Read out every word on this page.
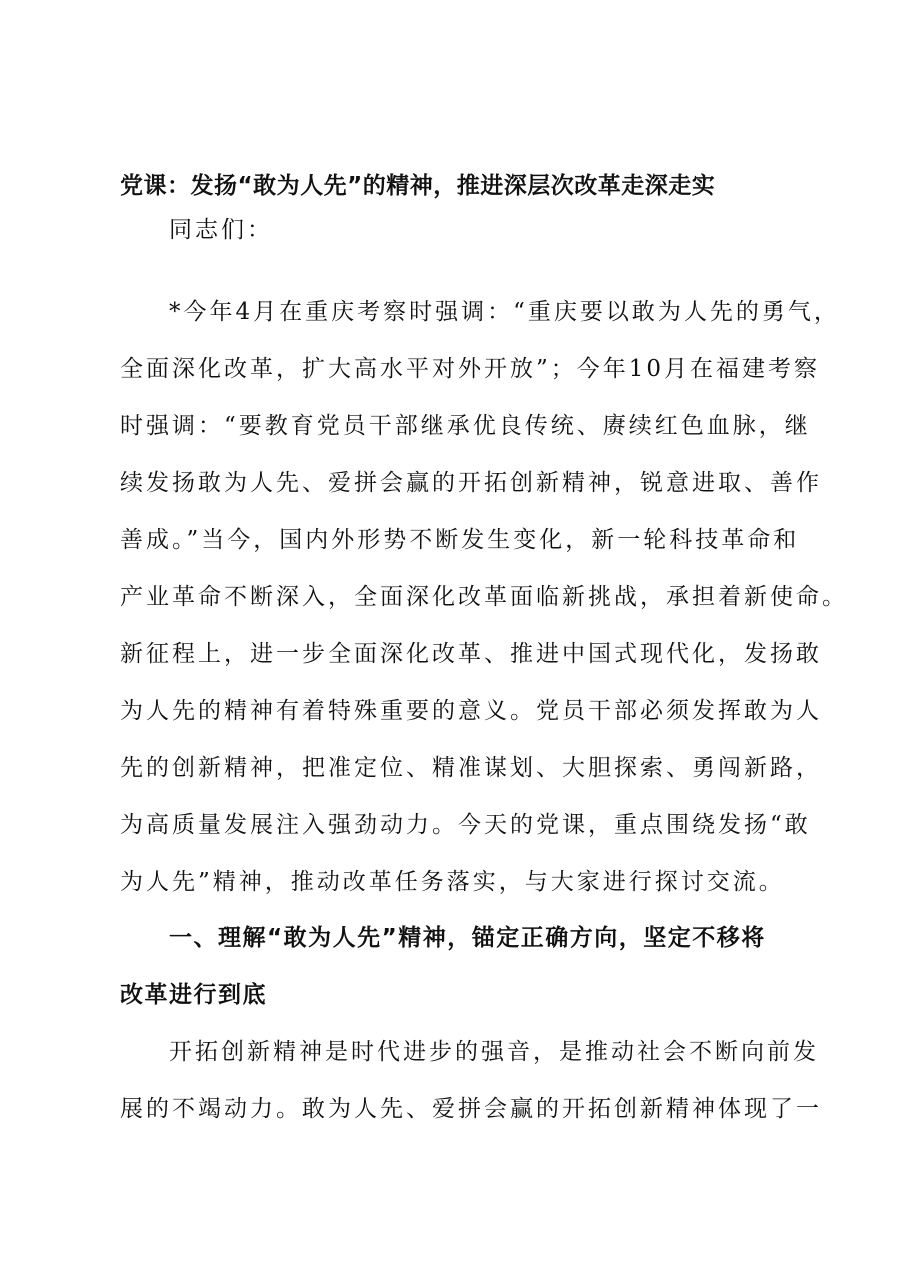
党课：发扬“敢为人先”的精神，推进深层次改革走深走实
同志们：
*今年4月在重庆考察时强调：“重庆要以敢为人先的勇气，
全面深化改革，扩大高水平对外开放”；今年10月在福建考察
时强调：“要教育党员干部继承优良传统、赓续红色血脉，继
续发扬敢为人先、爱拼会赢的开拓创新精神，锐意进取、善作
善成。”当今，国内外形势不断发生变化，新一轮科技革命和
产业革命不断深入，全面深化改革面临新挑战，承担着新使命。
新征程上，进一步全面深化改革、推进中国式现代化，发扬敢
为人先的精神有着特殊重要的意义。党员干部必须发挥敢为人
先的创新精神，把准定位、精准谋划、大胆探索、勇闯新路，
为高质量发展注入强劲动力。今天的党课，重点围绕发扬“敢
为人先”精神，推动改革任务落实，与大家进行探讨交流。
一、理解“敢为人先”精神，锚定正确方向，坚定不移将
改革进行到底
开拓创新精神是时代进步的强音，是推动社会不断向前发
展的不竭动力。敢为人先、爱拼会赢的开拓创新精神体现了一
